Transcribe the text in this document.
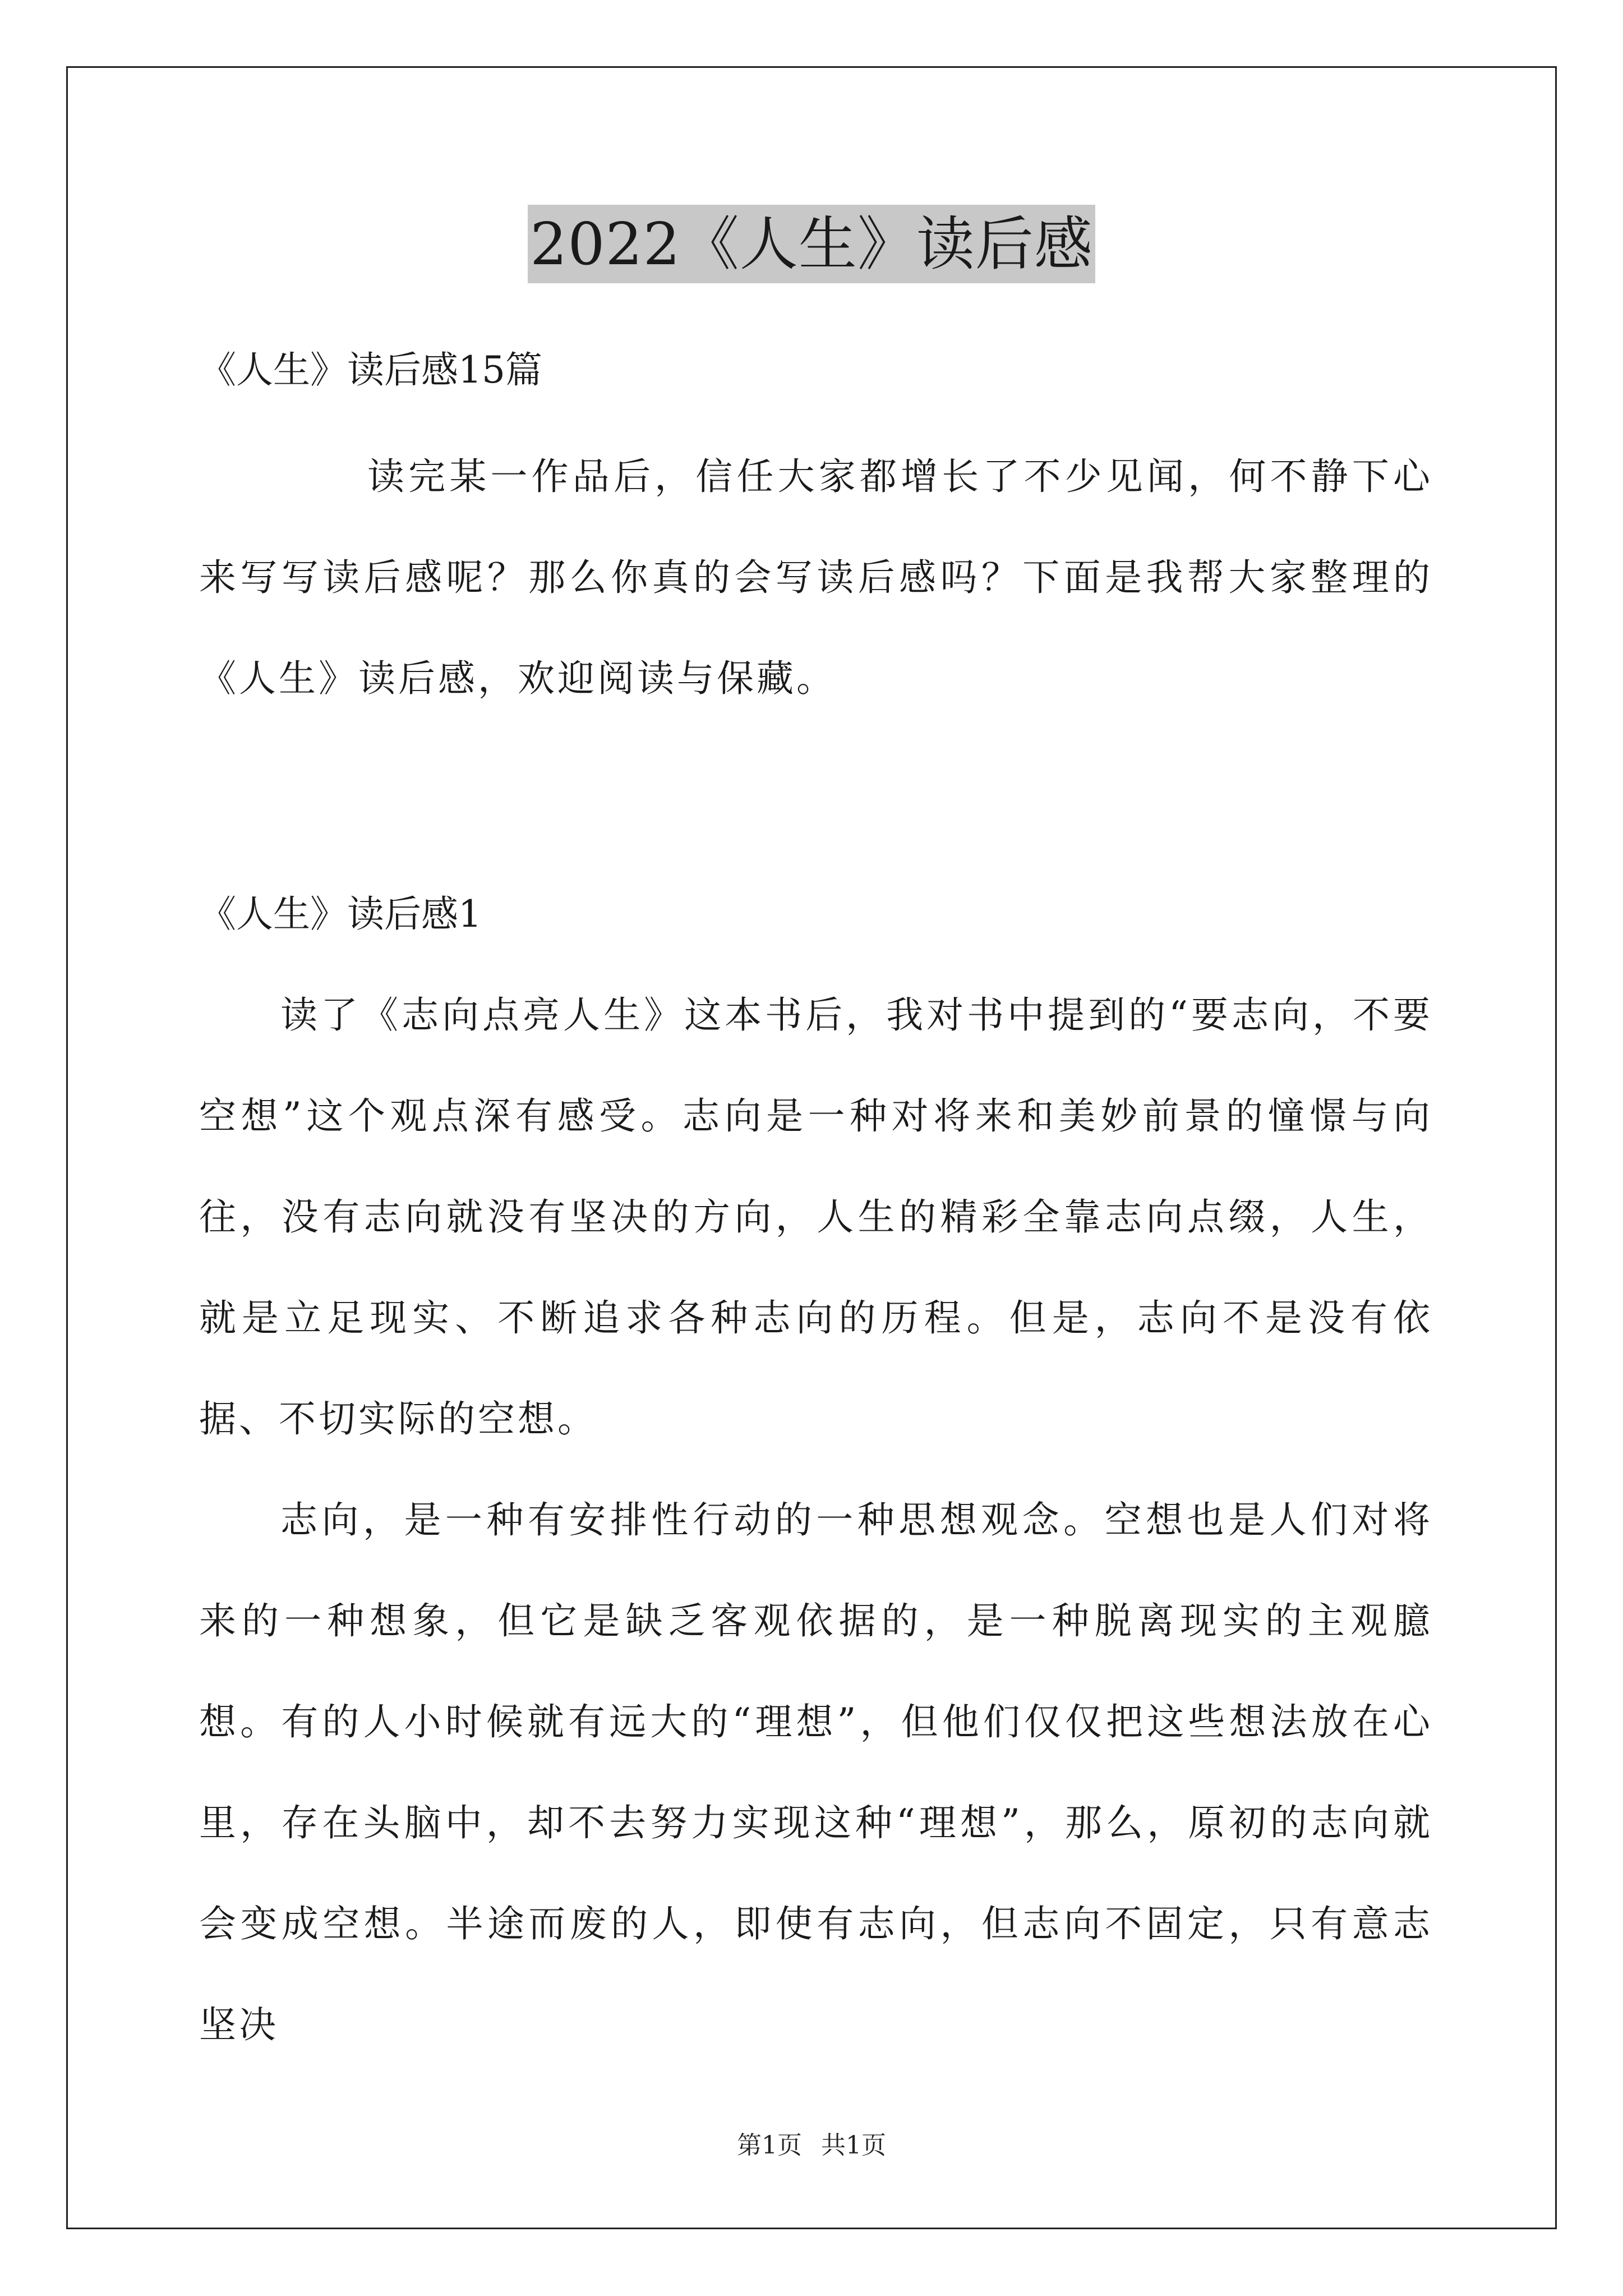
2022《人生》读后感

《人生》读后感15篇

读完某一作品后，信任大家都增长了不少见闻，何不静下心来写写读后感呢？那么你真的会写读后感吗？下面是我帮大家整理的《人生》读后感，欢迎阅读与保藏。

《人生》读后感1

读了《志向点亮人生》这本书后，我对书中提到的“要志向，不要空想”这个观点深有感受。志向是一种对将来和美妙前景的憧憬与向往，没有志向就没有坚决的方向，人生的精彩全靠志向点缀，人生，就是立足现实、不断追求各种志向的历程。但是，志向不是没有依据、不切实际的空想。

志向，是一种有安排性行动的一种思想观念。空想也是人们对将来的一种想象，但它是缺乏客观依据的，是一种脱离现实的主观臆想。有的人小时候就有远大的“理想”，但他们仅仅把这些想法放在心里，存在头脑中，却不去努力实现这种“理想”，那么，原初的志向就会变成空想。半途而废的人，即使有志向，但志向不固定，只有意志坚决

第1页 共1页
